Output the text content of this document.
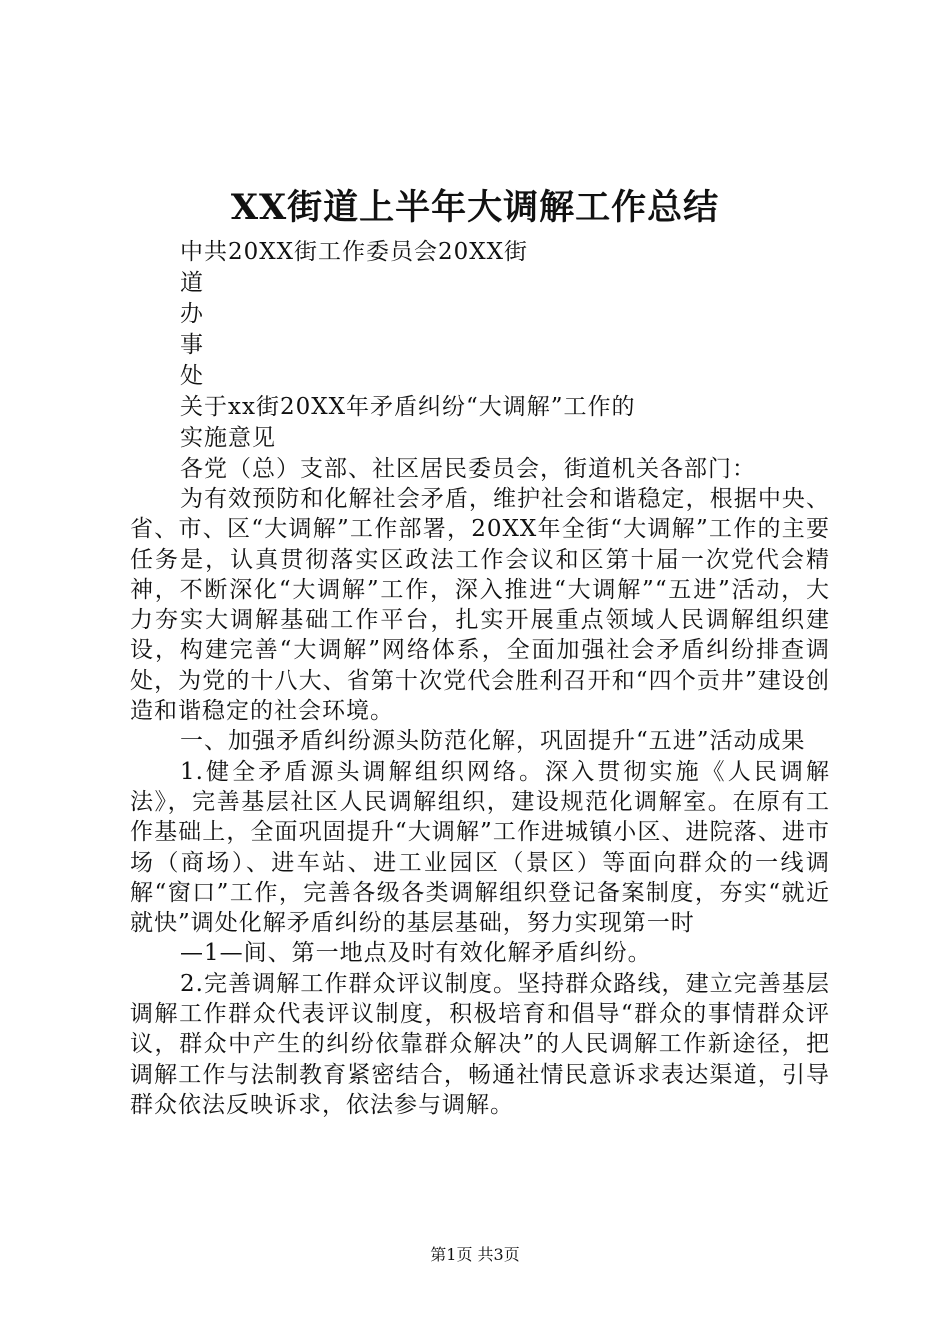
XX街道上半年大调解工作总结

中共20XX街工作委员会20XX街

道

办

事

处

关于xx街20XX年矛盾纠纷“大调解”工作的

实施意见

各党（总）支部、社区居民委员会，街道机关各部门：

为有效预防和化解社会矛盾，维护社会和谐稳定，根据中央、省、市、区“大调解”工作部署，20XX年全街“大调解”工作的主要任务是，认真贯彻落实区政法工作会议和区第十届一次党代会精神，不断深化“大调解”工作，深入推进“大调解”“五进”活动，大力夯实大调解基础工作平台，扎实开展重点领域人民调解组织建设，构建完善“大调解”网络体系，全面加强社会矛盾纠纷排查调处，为党的十八大、省第十次党代会胜利召开和“四个贡井”建设创造和谐稳定的社会环境。

一、加强矛盾纠纷源头防范化解，巩固提升“五进”活动成果

1.健全矛盾源头调解组织网络。深入贯彻实施《人民调解法》，完善基层社区人民调解组织，建设规范化调解室。在原有工作基础上，全面巩固提升“大调解”工作进城镇小区、进院落、进市场（商场）、进车站、进工业园区（景区）等面向群众的一线调解“窗口”工作，完善各级各类调解组织登记备案制度，夯实“就近就快”调处化解矛盾纠纷的基层基础，努力实现第一时

—1—间、第一地点及时有效化解矛盾纠纷。

2.完善调解工作群众评议制度。坚持群众路线，建立完善基层调解工作群众代表评议制度，积极培育和倡导“群众的事情群众评议，群众中产生的纠纷依靠群众解决”的人民调解工作新途径，把调解工作与法制教育紧密结合，畅通社情民意诉求表达渠道，引导群众依法反映诉求，依法参与调解。

第1页 共3页
